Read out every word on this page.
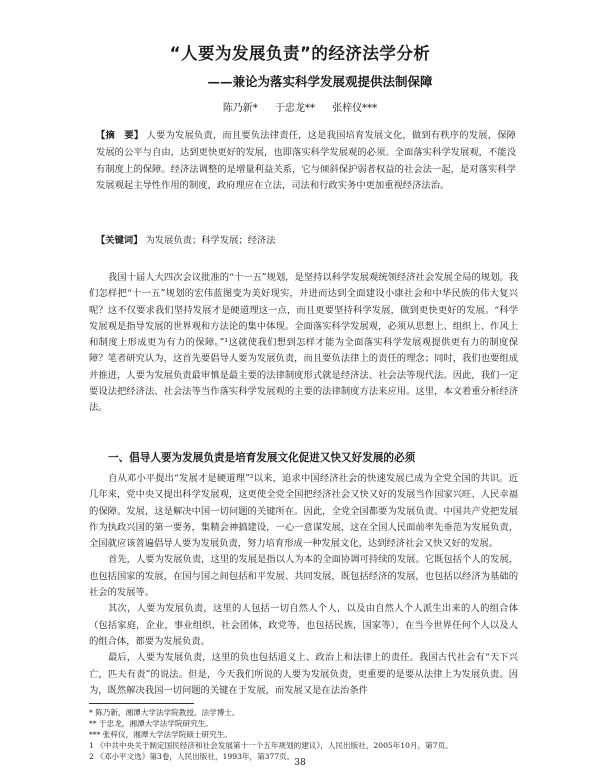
“人要为发展负责”的经济法学分析
——兼论为落实科学发展观提供法制保障
陈乃新* 于忠龙** 张梓仪***
【摘　要】 人要为发展负责，而且要负法律责任，这是我国培育发展文化，做到有秩序的发展，保障发展的公平与自由，达到更快更好的发展，也即落实科学发展观的必须。全面落实科学发展观，不能没有制度上的保障。经济法调整的是增量利益关系，它与倾斜保护弱者权益的社会法一起，是对落实科学发展观起主导性作用的制度，政府理应在立法，司法和行政实务中更加重视经济法治。
【关键词】 为发展负责；科学发展；经济法

我国十届人大四次会议批准的“十一五”规划，是坚持以科学发展观统领经济社会发展全局的规划。我们怎样把“十一五”规划的宏伟蓝图变为美好现实，并进而达到全面建设小康社会和中华民族的伟大复兴呢？这不仅要求我们坚持发展才是硬道理这一点，而且更要坚持科学发展，做到更快更好的发展。“科学发展观是指导发展的世界观和方法论的集中体现。全面落实科学发展观，必须从思想上、组织上、作风上和制度上形成更为有力的保障。”¹这就使我们想到怎样才能为全面落实科学发展观提供更有力的制度保障？笔者研究认为，这首先要倡导人要为发展负责，而且要负法律上的责任的理念；同时，我们也要组成并推进，人要为发展负责最审慎是最主要的法律制度形式就是经济法、社会法等现代法。因此，我们一定要设法把经济法、社会法等当作落实科学发展观的主要的法律制度方法来应用。这里，本文着重分析经济法。

一、倡导人要为发展负责是培育发展文化促进又快又好发展的必须

自从邓小平提出“发展才是硬道理”²以来，追求中国经济社会的快速发展已成为全党全国的共识。近几年来，党中央又提出科学发展观，这更使全党全国把经济社会又快又好的发展当作国家兴旺、人民幸福的保障。发展，这是解决中国一切问题的关键所在。因此，全党全国都要为发展负责。中国共产党把发展作为执政兴国的第一要务，集精会神搞建设，一心一意谋发展，这在全国人民面前率先垂范为发展负责，全国就应该普遍倡导人要为发展负责，努力培育形成一种发展文化，达到经济社会又快又好的发展。

首先，人要为发展负责，这里的发展是指以人为本的全面协调可持续的发展。它既包括个人的发展，也包括国家的发展，在国与国之间包括和平发展、共同发展，既包括经济的发展，也包括以经济为基础的社会的发展等。

其次，人要为发展负责，这里的人包括一切自然人个人，以及由自然人个人派生出来的人的组合体（包括家庭，企业，事业组织，社会团体，政党等，也包括民族，国家等），在当今世界任何个人以及人的组合体，都要为发展负责。

最后，人要为发展负责，这里的负也包括道义上、政治上和法律上的责任。我国古代社会有“天下兴亡，匹夫有责”的说法。但是，今天我们所说的人要为发展负责，更重要的是要从法律上为发展负责。因为，既然解决我国一切问题的关键在于发展，而发展又是在法治条件

* 陈乃新，湘潭大学法学院教授，法学博士。
** 于忠龙，湘潭大学法学院研究生。
*** 张梓仪，湘潭大学法学院硕士研究生。
1 《中共中央关于制定国民经济和社会发展第十一个五年规划的建议》，人民出版社，2005年10月，第7页。
2 《邓小平文选》第3卷，人民出版社，1993年，第377页。
38
